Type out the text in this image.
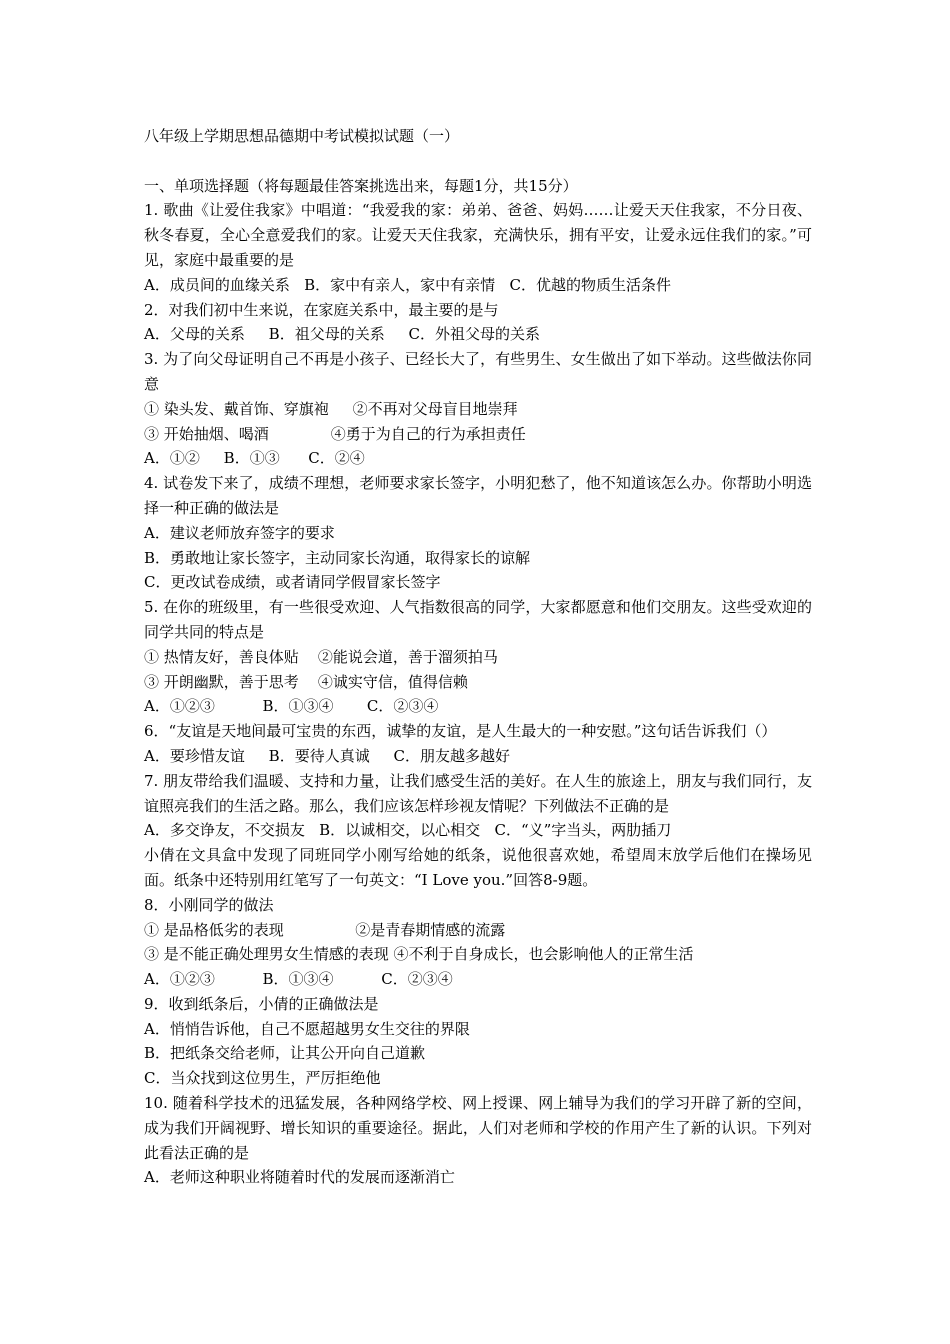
八年级上学期思想品德期中考试模拟试题（一）
一、单项选择题（将每题最佳答案挑选出来，每题1分，共15分）
1. 歌曲《让爱住我家》中唱道：“我爱我的家：弟弟、爸爸、妈妈……让爱天天住我家，不分日夜、秋冬春夏，全心全意爱我们的家。让爱天天住我家，充满快乐，拥有平安，让爱永远住我们的家。”可见，家庭中最重要的是
A．成员间的血缘关系   B．家中有亲人，家中有亲情   C．优越的物质生活条件
2．对我们初中生来说，在家庭关系中，最主要的是与
A．父母的关系     B．祖父母的关系     C．外祖父母的关系
3. 为了向父母证明自己不再是小孩子、已经长大了，有些男生、女生做出了如下举动。这些做法你同意
① 染头发、戴首饰、穿旗袍     ②不再对父母盲目地崇拜
③ 开始抽烟、喝酒             ④勇于为自己的行为承担责任
A．①②     B．①③      C．②④
4. 试卷发下来了，成绩不理想，老师要求家长签字，小明犯愁了，他不知道该怎么办。你帮助小明选择一种正确的做法是
A．建议老师放弃签字的要求
B．勇敢地让家长签字，主动同家长沟通，取得家长的谅解
C．更改试卷成绩，或者请同学假冒家长签字
5. 在你的班级里，有一些很受欢迎、人气指数很高的同学，大家都愿意和他们交朋友。这些受欢迎的同学共同的特点是
① 热情友好，善良体贴    ②能说会道，善于溜须拍马
③ 开朗幽默，善于思考    ④诚实守信，值得信赖
A．①②③          B．①③④       C．②③④
6．“友谊是天地间最可宝贵的东西，诚挚的友谊，是人生最大的一种安慰。”这句话告诉我们（）
A．要珍惜友谊     B．要待人真诚     C．朋友越多越好
7. 朋友带给我们温暖、支持和力量，让我们感受生活的美好。在人生的旅途上，朋友与我们同行，友谊照亮我们的生活之路。那么，我们应该怎样珍视友情呢？下列做法不正确的是
A．多交诤友，不交损友   B．以诚相交，以心相交   C．“义”字当头，两肋插刀
小倩在文具盒中发现了同班同学小刚写给她的纸条，说他很喜欢她，希望周末放学后他们在操场见面。纸条中还特别用红笔写了一句英文：“I Love you.”回答8-9题。
8．小刚同学的做法
① 是品格低劣的表现               ②是青春期情感的流露
③ 是不能正确处理男女生情感的表现 ④不利于自身成长，也会影响他人的正常生活
A．①②③          B．①③④          C．②③④
9．收到纸条后，小倩的正确做法是
A．悄悄告诉他，自己不愿超越男女生交往的界限
B．把纸条交给老师，让其公开向自己道歉
C．当众找到这位男生，严厉拒绝他
10. 随着科学技术的迅猛发展，各种网络学校、网上授课、网上辅导为我们的学习开辟了新的空间，成为我们开阔视野、增长知识的重要途径。据此，人们对老师和学校的作用产生了新的认识。下列对此看法正确的是
A．老师这种职业将随着时代的发展而逐渐消亡
